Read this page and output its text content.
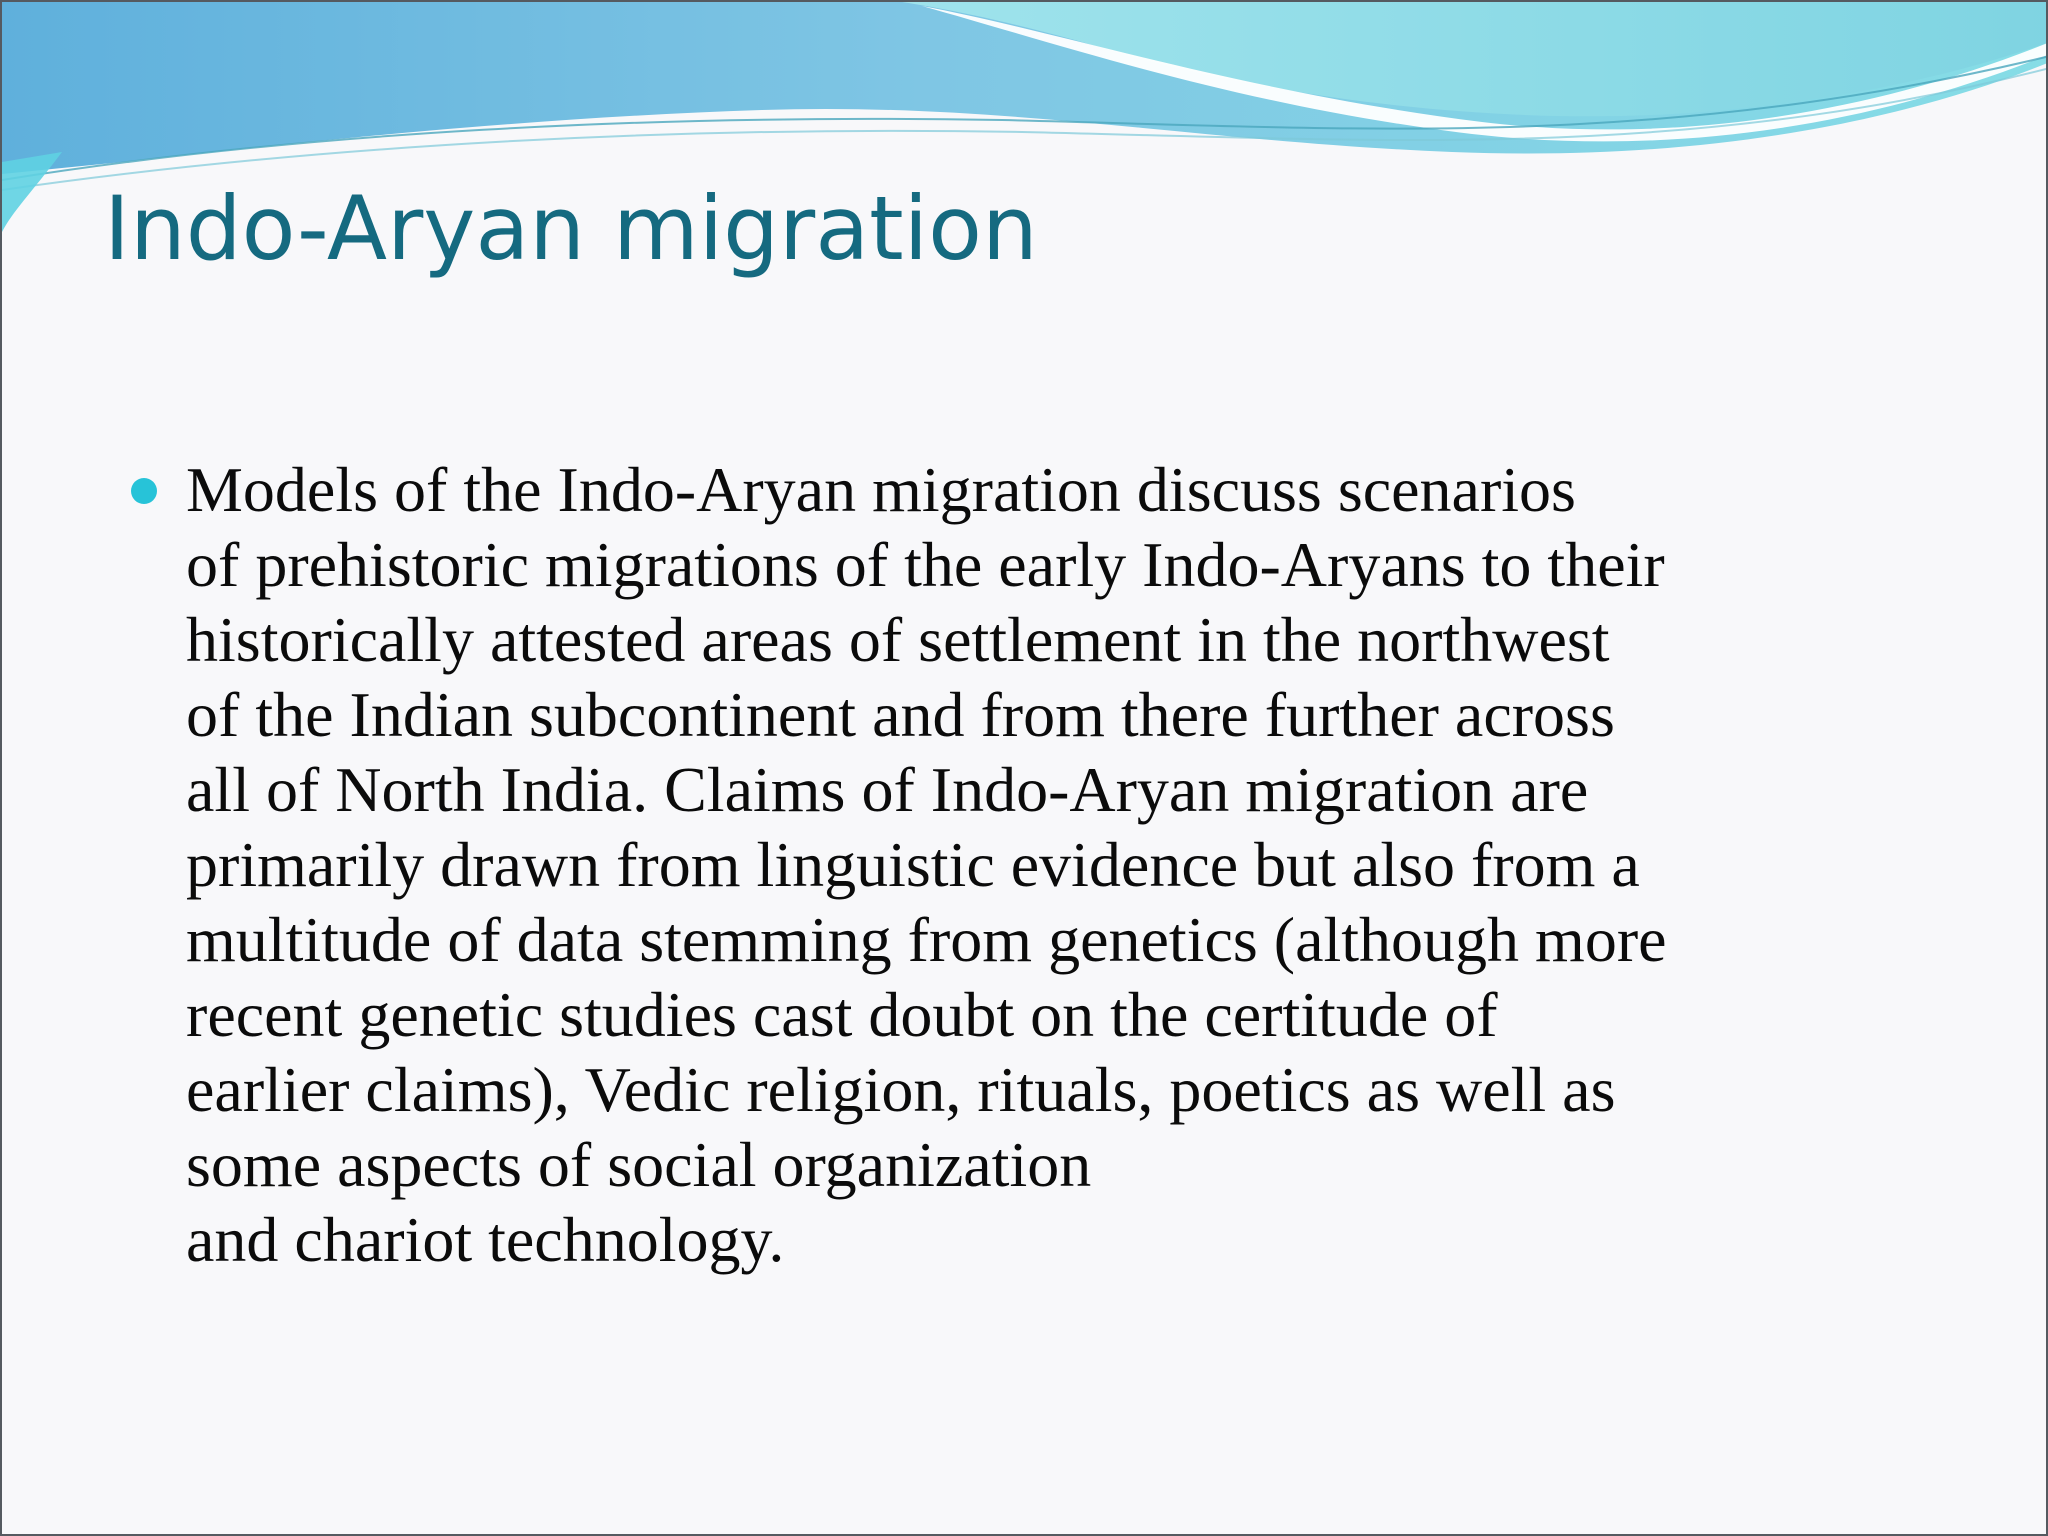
Indo-Aryan migration
Models of the Indo-Aryan migration discuss scenarios
of prehistoric migrations of the early Indo-Aryans to their
historically attested areas of settlement in the northwest
of the Indian subcontinent and from there further across
all of North India. Claims of Indo-Aryan migration are
primarily drawn from linguistic evidence but also from a
multitude of data stemming from genetics (although more
recent genetic studies cast doubt on the certitude of
earlier claims), Vedic religion, rituals, poetics as well as
some aspects of social organization
and chariot technology.
